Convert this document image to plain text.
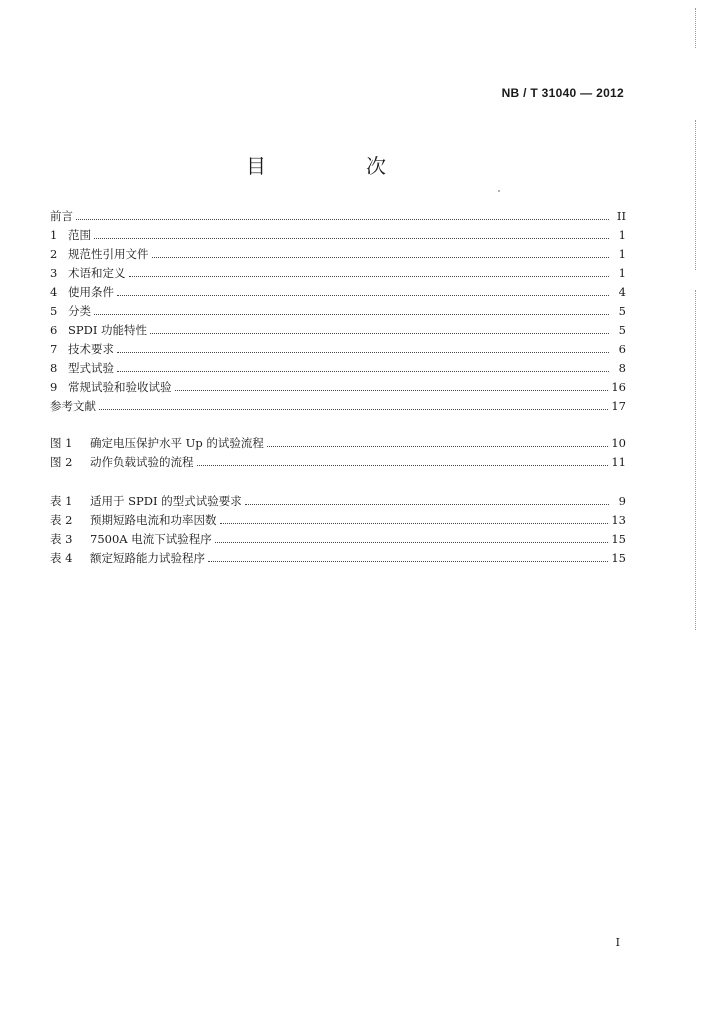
NB / T 31040 — 2012
目　次
前言	II
1 范围	1
2 规范性引用文件	1
3 术语和定义	1
4 使用条件	4
5 分类	5
6 SPDI 功能特性	5
7 技术要求	6
8 型式试验	8
9 常规试验和验收试验	16
参考文献	17
图 1	确定电压保护水平 Up 的试验流程	10
图 2	动作负载试验的流程	11
表 1	适用于 SPDI 的型式试验要求	9
表 2	预期短路电流和功率因数	13
表 3	7500A 电流下试验程序	15
表 4	额定短路能力试验程序	15
I
